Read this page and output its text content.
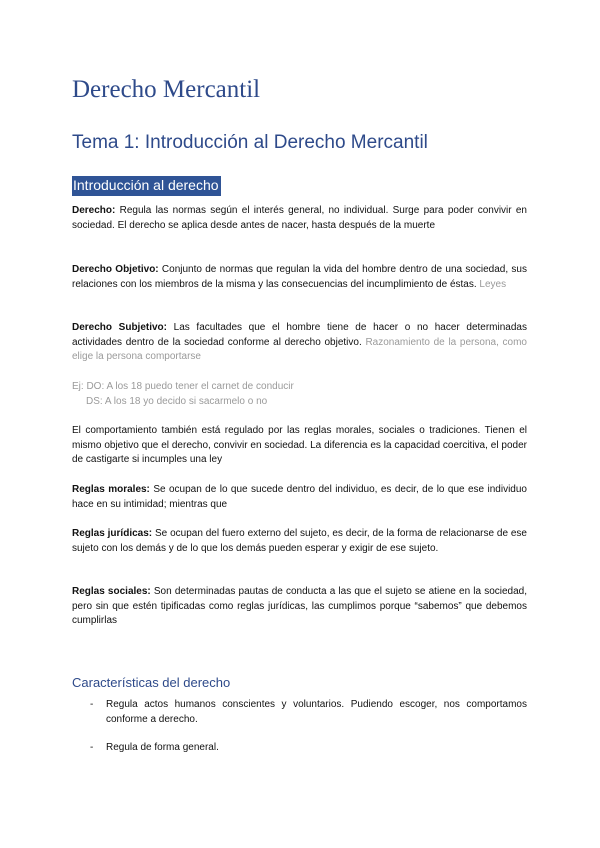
Derecho Mercantil
Tema 1: Introducción al Derecho Mercantil
Introducción al derecho

Derecho: Regula las normas según el interés general, no individual. Surge para poder convivir en sociedad. El derecho se aplica desde antes de nacer, hasta después de la muerte

Derecho Objetivo: Conjunto de normas que regulan la vida del hombre dentro de una sociedad, sus relaciones con los miembros de la misma y las consecuencias del incumplimiento de éstas. Leyes

Derecho Subjetivo: Las facultades que el hombre tiene de hacer o no hacer determinadas actividades dentro de la sociedad conforme al derecho objetivo. Razonamiento de la persona, como elige la persona comportarse

Ej: DO: A los 18 puedo tener el carnet de conducir
DS: A los 18 yo decido si sacarmelo o no

El comportamiento también está regulado por las reglas morales, sociales o tradiciones. Tienen el mismo objetivo que el derecho, convivir en sociedad. La diferencia es la capacidad coercitiva, el poder de castigarte si incumples una ley

Reglas morales: Se ocupan de lo que sucede dentro del individuo, es decir, de lo que ese individuo hace en su intimidad; mientras que

Reglas jurídicas: Se ocupan del fuero externo del sujeto, es decir, de la forma de relacionarse de ese sujeto con los demás y de lo que los demás pueden esperar y exigir de ese sujeto.

Reglas sociales: Son determinadas pautas de conducta a las que el sujeto se atiene en la sociedad, pero sin que estén tipificadas como reglas jurídicas, las cumplimos porque “sabemos” que debemos cumplirlas

Características del derecho
- Regula actos humanos conscientes y voluntarios. Pudiendo escoger, nos comportamos conforme a derecho.
- Regula de forma general.
